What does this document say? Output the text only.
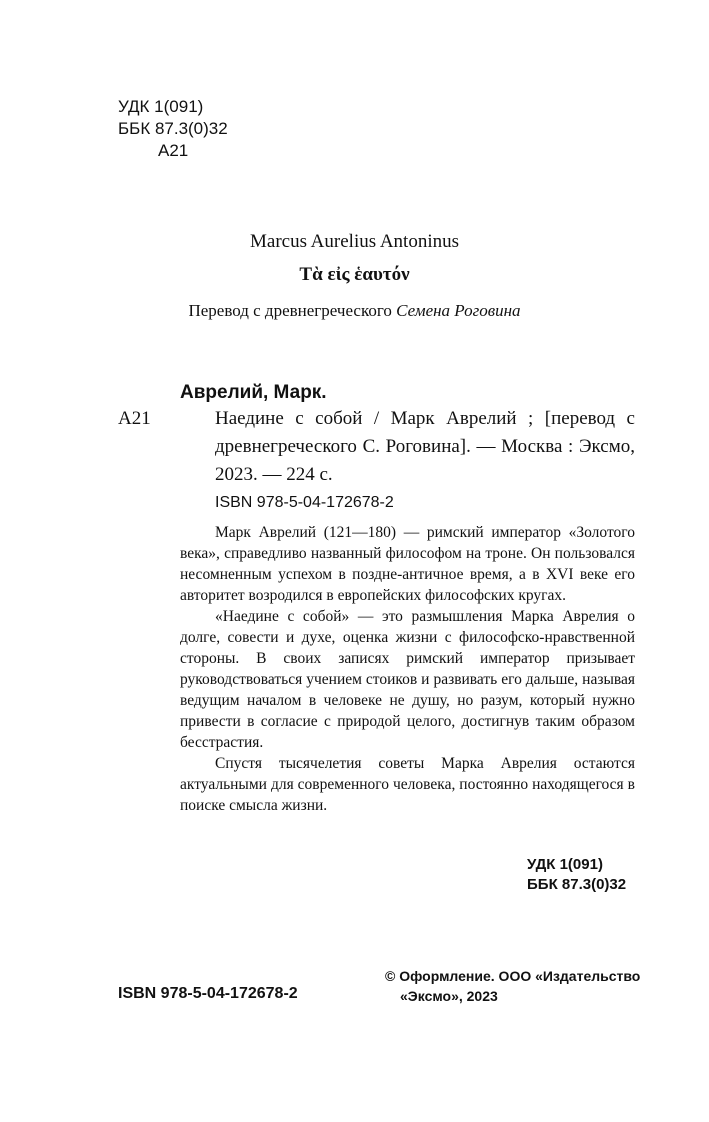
УДК 1(091)
ББК 87.3(0)32
А21
Marcus Aurelius Antoninus
Τὰ εἰς ἑαυτόν
Перевод с древнегреческого Семена Роговина
Аврелий, Марк.
А21	Наедине с собой / Марк Аврелий ; [перевод с древнегреческого С. Роговина]. — Москва : Эксмо, 2023. — 224 с.
ISBN 978-5-04-172678-2

Марк Аврелий (121—180) — римский император «Золотого века», справедливо названный философом на троне. Он пользовался несомненным успехом в поздне-античное время, а в XVI веке его авторитет возродился в европейских философских кругах.

«Наедине с собой» — это размышления Марка Аврелия о долге, совести и духе, оценка жизни с философско-нравственной стороны. В своих записях римский император призывает руководствоваться учением стоиков и развивать его дальше, называя ведущим началом в человеке не душу, но разум, который нужно привести в согласие с природой целого, достигнув таким образом бесстрастия.

Спустя тысячелетия советы Марка Аврелия остаются актуальными для современного человека, постоянно находящегося в поиске смысла жизни.

УДК 1(091)
ББК 87.3(0)32
ISBN 978-5-04-172678-2
© Оформление. ООО «Издательство
«Эксмо», 2023
